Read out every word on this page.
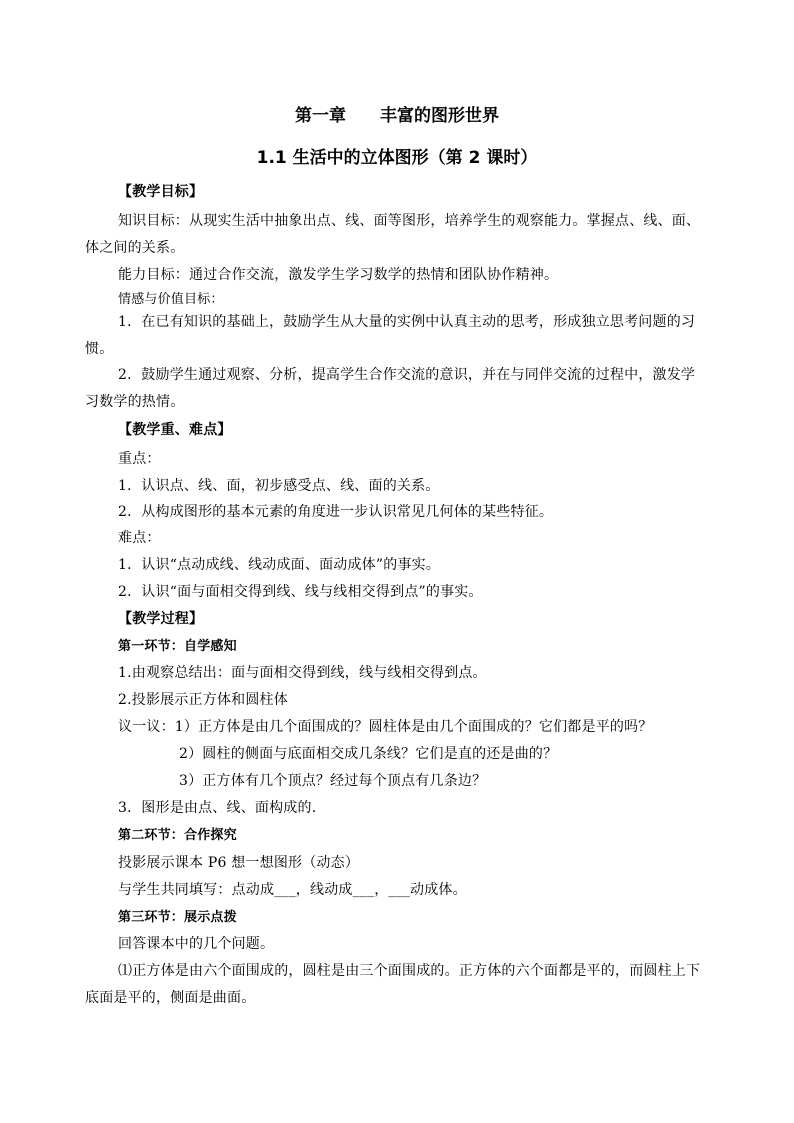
第一章　　丰富的图形世界
1.1 生活中的立体图形（第 2 课时）
【教学目标】
知识目标：从现实生活中抽象出点、线、面等图形，培养学生的观察能力。掌握点、线、面、
体之间的关系。
能力目标：通过合作交流，激发学生学习数学的热情和团队协作精神。
情感与价值目标：
1．在已有知识的基础上，鼓励学生从大量的实例中认真主动的思考，形成独立思考问题的习
惯。
2．鼓励学生通过观察、分析，提高学生合作交流的意识，并在与同伴交流的过程中，激发学
习数学的热情。
【教学重、难点】
重点：
1．认识点、线、面，初步感受点、线、面的关系。
2．从构成图形的基本元素的角度进一步认识常见几何体的某些特征。
难点：
1．认识“点动成线、线动成面、面动成体”的事实。
2．认识“面与面相交得到线、线与线相交得到点”的事实。
【教学过程】
第一环节：自学感知
1.由观察总结出：面与面相交得到线，线与线相交得到点。
2.投影展示正方体和圆柱体
议一议：1）正方体是由几个面围成的？圆柱体是由几个面围成的？它们都是平的吗？
2）圆柱的侧面与底面相交成几条线？它们是直的还是曲的？
3）正方体有几个顶点？经过每个顶点有几条边？
3．图形是由点、线、面构成的.
第二环节：合作探究
投影展示课本 P6 想一想图形（动态）
与学生共同填写：点动成___，线动成___，___动成体。
第三环节：展示点拨
回答课本中的几个问题。
⑴正方体是由六个面围成的，圆柱是由三个面围成的。正方体的六个面都是平的，而圆柱上下
底面是平的，侧面是曲面。
